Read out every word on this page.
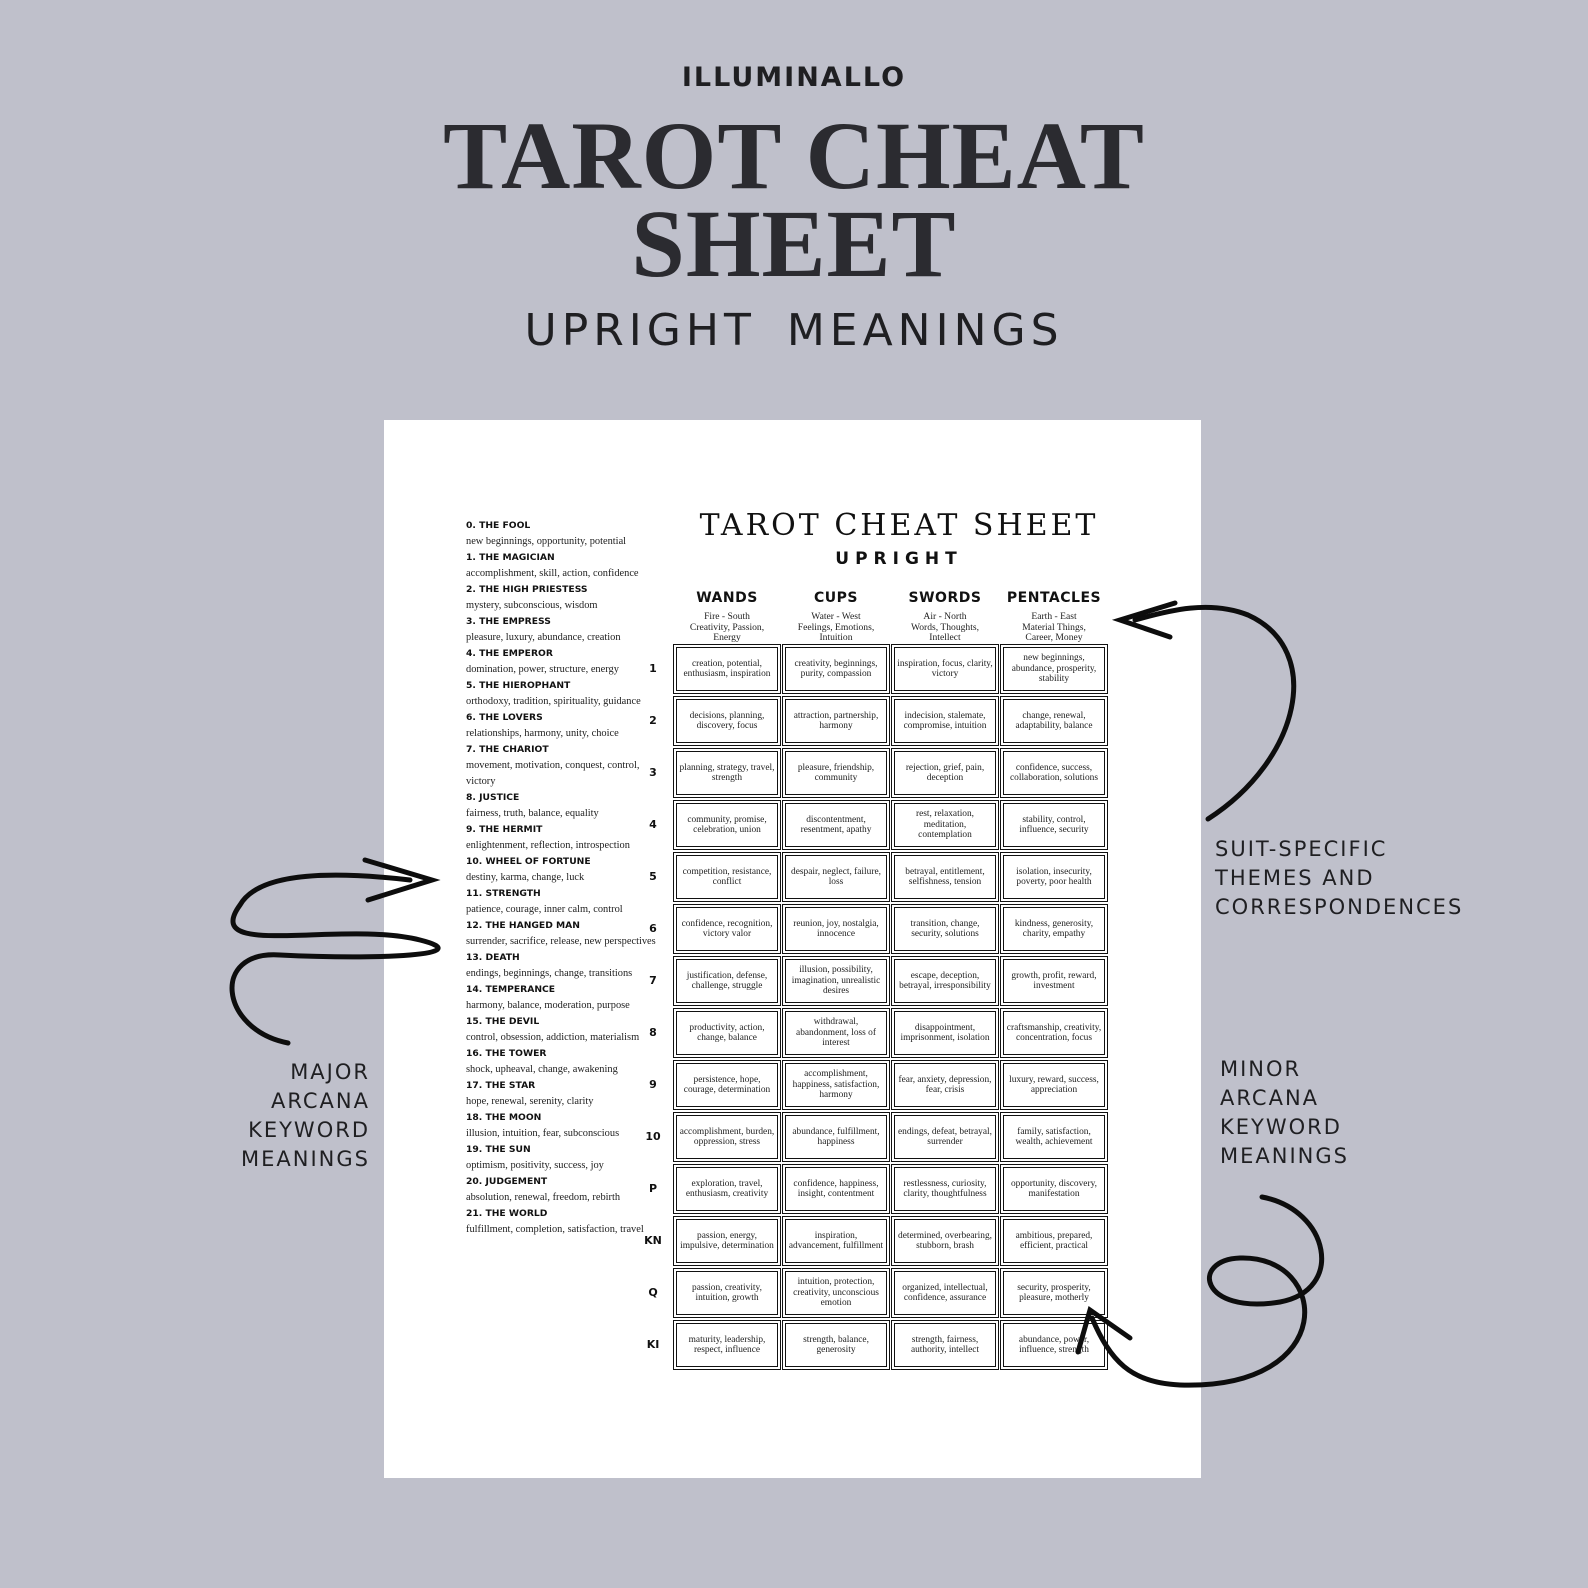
ILLUMINALLO
TAROT CHEAT
SHEET
UPRIGHT MEANINGS
0. THE FOOL
new beginnings, opportunity, potential
1. THE MAGICIAN
accomplishment, skill, action, confidence
2. THE HIGH PRIESTESS
mystery, subconscious, wisdom
3. THE EMPRESS
pleasure, luxury, abundance, creation
4. THE EMPEROR
domination, power, structure, energy
5. THE HIEROPHANT
orthodoxy, tradition, spirituality, guidance
6. THE LOVERS
relationships, harmony, unity, choice
7. THE CHARIOT
movement, motivation, conquest, control, victory
8. JUSTICE
fairness, truth, balance, equality
9. THE HERMIT
enlightenment, reflection, introspection
10. WHEEL OF FORTUNE
destiny, karma, change, luck
11. STRENGTH
patience, courage, inner calm, control
12. THE HANGED MAN
surrender, sacrifice, release, new perspectives
13. DEATH
endings, beginnings, change, transitions
14. TEMPERANCE
harmony, balance, moderation, purpose
15. THE DEVIL
control, obsession, addiction, materialism
16. THE TOWER
shock, upheaval, change, awakening
17. THE STAR
hope, renewal, serenity, clarity
18. THE MOON
illusion, intuition, fear, subconscious
19. THE SUN
optimism, positivity, success, joy
20. JUDGEMENT
absolution, renewal, freedom, rebirth
21. THE WORLD
fulfillment, completion, satisfaction, travel
TAROT CHEAT SHEET
UPRIGHT
WANDS
Fire - South
Creativity, Passion,
Energy
CUPS
Water - West
Feelings, Emotions,
Intuition
SWORDS
Air - North
Words, Thoughts,
Intellect
PENTACLES
Earth - East
Material Things,
Career, Money
1	creation, potential, enthusiasm, inspiration
creativity, beginnings, purity, compassion
inspiration, focus, clarity, victory
new beginnings, abundance, prosperity, stability
2	decisions, planning, discovery, focus
attraction, partnership, harmony
indecision, stalemate, compromise, intuition
change, renewal, adaptability, balance
3	planning, strategy, travel, strength
pleasure, friendship, community
rejection, grief, pain, deception
confidence, success, collaboration, solutions
4	community, promise, celebration, union
discontentment, resentment, apathy
rest, relaxation, meditation, contemplation
stability, control, influence, security
5	competition, resistance, conflict
despair, neglect, failure, loss
betrayal, entitlement, selfishness, tension
isolation, insecurity, poverty, poor health
6	confidence, recognition, victory valor
reunion, joy, nostalgia, innocence
transition, change, security, solutions
kindness, generosity, charity, empathy
7	justification, defense, challenge, struggle
illusion, possibility, imagination, unrealistic desires
escape, deception, betrayal, irresponsibility
growth, profit, reward, investment
8	productivity, action, change, balance
withdrawal, abandonment, loss of interest
disappointment, imprisonment, isolation
craftsmanship, creativity, concentration, focus
9	persistence, hope, courage, determination
accomplishment, happiness, satisfaction, harmony
fear, anxiety, depression, fear, crisis
luxury, reward, success, appreciation
10	accomplishment, burden, oppression, stress
abundance, fulfillment, happiness
endings, defeat, betrayal, surrender
family, satisfaction, wealth, achievement
P	exploration, travel, enthusiasm, creativity
confidence, happiness, insight, contentment
restlessness, curiosity, clarity, thoughtfulness
opportunity, discovery, manifestation
KN	passion, energy, impulsive, determination
inspiration, advancement, fulfillment
determined, overbearing, stubborn, brash
ambitious, prepared, efficient, practical
Q	passion, creativity, intuition, growth
intuition, protection, creativity, unconscious emotion
organized, intellectual, confidence, assurance
security, prosperity, pleasure, motherly
KI	maturity, leadership, respect, influence
strength, balance, generosity
strength, fairness, authority, intellect
abundance, power, influence, strength
SUIT-SPECIFIC
THEMES AND
CORRESPONDENCES
MAJOR
ARCANA
KEYWORD
MEANINGS
MINOR
ARCANA
KEYWORD
MEANINGS
